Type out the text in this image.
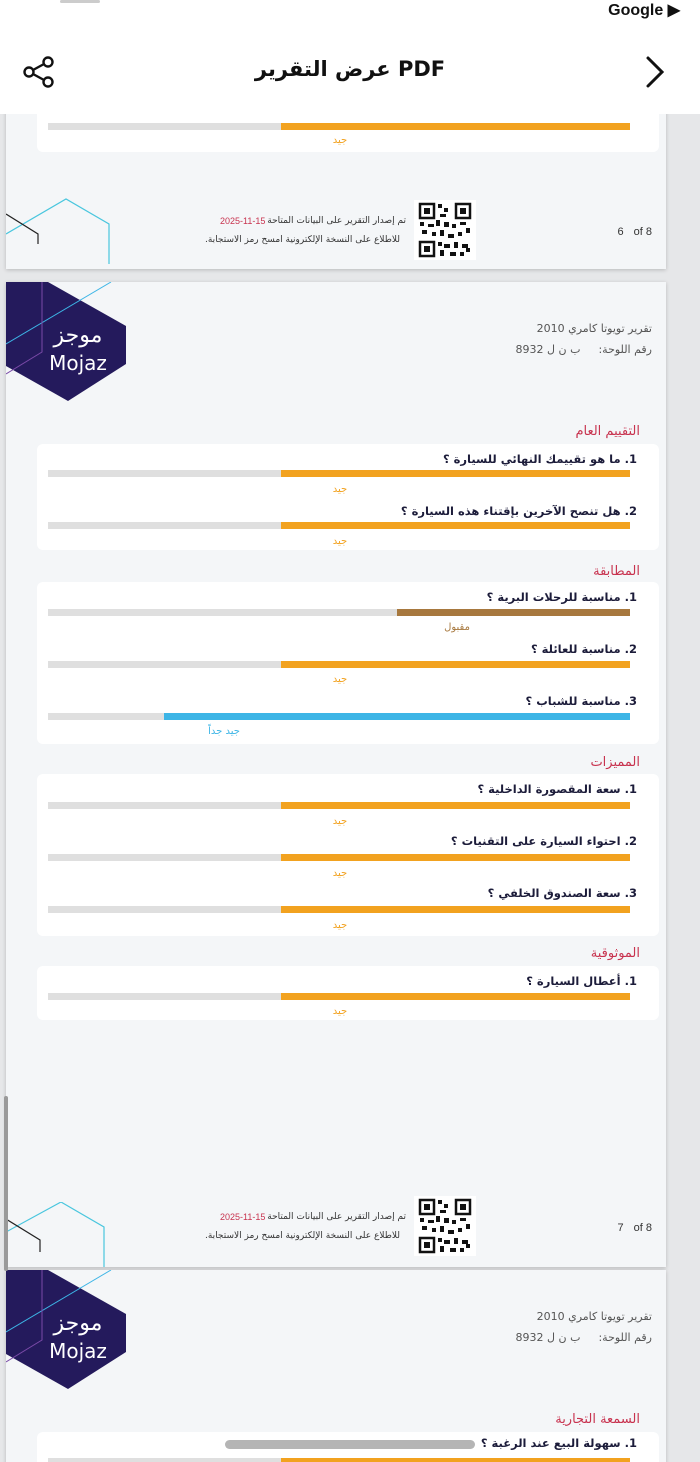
Google ▶
عرض التقرير PDF
جيد
تم إصدار التقرير على البيانات المتاحة
2025-11-15
للاطلاع على النسخة الإلكترونية امسح رمز الاستجابة.
6 of 8
موجز
Mojaz
تقرير تويوتا كامري 2010
رقم اللوحة:ب ن ل 8932
التقييم العام
1. ما هو تقييمك النهائي للسيارة ؟
جيد
2. هل تنصح الآخرين بإقتناء هذه السيارة ؟
جيد
المطابقة
1. مناسبة للرحلات البرية ؟
مقبول
2. مناسبة للعائلة ؟
جيد
3. مناسبة للشباب ؟
جيد جداً
المميزات
1. سعة المقصورة الداخلية ؟
جيد
2. احتواء السيارة على التقنيات ؟
جيد
3. سعة الصندوق الخلفي ؟
جيد
الموثوقية
1. أعطال السيارة ؟
جيد
تم إصدار التقرير على البيانات المتاحة
2025-11-15
للاطلاع على النسخة الإلكترونية امسح رمز الاستجابة.
7 of 8
موجز
Mojaz
تقرير تويوتا كامري 2010
رقم اللوحة:ب ن ل 8932
السمعة التجارية
1. سهولة البيع عند الرغبة ؟
